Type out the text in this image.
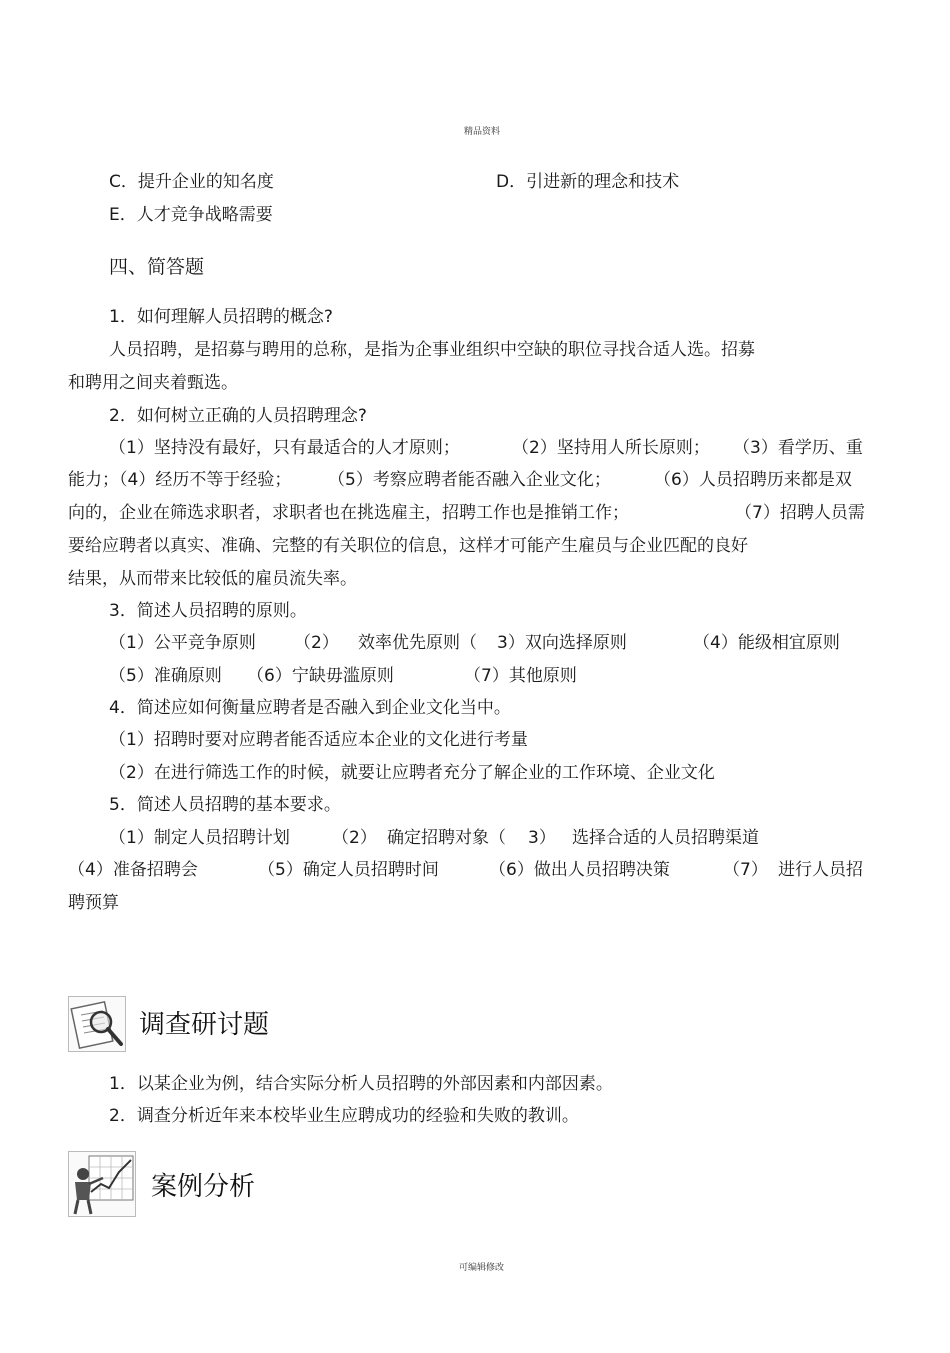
精品资料
C．提升企业的知名度	D．引进新的理念和技术
E．人才竞争战略需要
四、简答题
1．如何理解人员招聘的概念?
人员招聘，是招募与聘用的总称，是指为企事业组织中空缺的职位寻找合适人选。招募
和聘用之间夹着甄选。
2．如何树立正确的人员招聘理念?
（1）坚持没有最好，只有最适合的人才原则；	（2）坚持用人所长原则； （3）看学历、重
能力；（4）经历不等于经验； （5）考察应聘者能否融入企业文化；	（6）人员招聘历来都是双
向的，企业在筛选求职者，求职者也在挑选雇主，招聘工作也是推销工作；	（7）招聘人员需
要给应聘者以真实、准确、完整的有关职位的信息，这样才可能产生雇员与企业匹配的良好
结果，从而带来比较低的雇员流失率。
3．简述人员招聘的原则。
（1）公平竞争原则 （2） 效率优先原则（ 3）双向选择原则	（4）能级相宜原则
（5）准确原则 （6）宁缺毋滥原则	（7）其他原则
4．简述应如何衡量应聘者是否融入到企业文化当中。
（1）招聘时要对应聘者能否适应本企业的文化进行考量
（2）在进行筛选工作的时候，就要让应聘者充分了解企业的工作环境、企业文化
5．简述人员招聘的基本要求。
（1）制定人员招聘计划 （2） 确定招聘对象（ 3） 选择合适的人员招聘渠道
（4）准备招聘会	（5）确定人员招聘时间	（6）做出人员招聘决策	（7） 进行人员招
聘预算
调查研讨题
1．以某企业为例，结合实际分析人员招聘的外部因素和内部因素。
2．调查分析近年来本校毕业生应聘成功的经验和失败的教训。
案例分析
可编辑修改
